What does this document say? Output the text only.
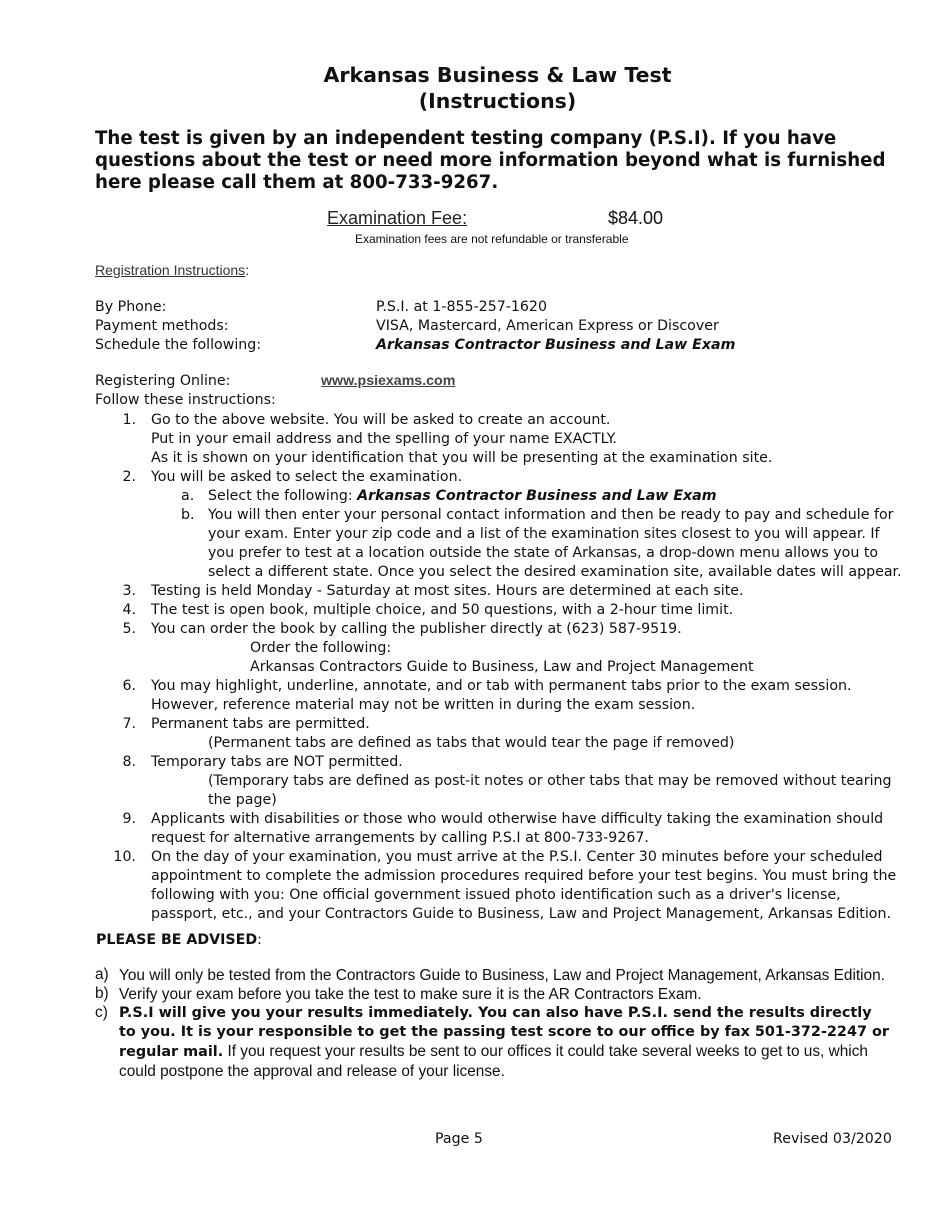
Arkansas Business & Law Test
(Instructions)
The test is given by an independent testing company (P.S.I). If you have questions about the test or need more information beyond what is furnished here please call them at 800-733-9267.
Examination Fee:	$84.00
Examination fees are not refundable or transferable
Registration Instructions:
By Phone:	P.S.I. at 1-855-257-1620
Payment methods:	VISA, Mastercard, American Express or Discover
Schedule the following:	Arkansas Contractor Business and Law Exam
Registering Online:	www.psiexams.com
Follow these instructions:
1. Go to the above website. You will be asked to create an account.
Put in your email address and the spelling of your name EXACTLY.
As it is shown on your identification that you will be presenting at the examination site.
2. You will be asked to select the examination.
a. Select the following: Arkansas Contractor Business and Law Exam
b. You will then enter your personal contact information and then be ready to pay and schedule for your exam. Enter your zip code and a list of the examination sites closest to you will appear. If you prefer to test at a location outside the state of Arkansas, a drop-down menu allows you to select a different state. Once you select the desired examination site, available dates will appear.
3. Testing is held Monday - Saturday at most sites. Hours are determined at each site.
4. The test is open book, multiple choice, and 50 questions, with a 2-hour time limit.
5. You can order the book by calling the publisher directly at (623) 587-9519.
Order the following:
Arkansas Contractors Guide to Business, Law and Project Management
6. You may highlight, underline, annotate, and or tab with permanent tabs prior to the exam session.
However, reference material may not be written in during the exam session.
7. Permanent tabs are permitted.
(Permanent tabs are defined as tabs that would tear the page if removed)
8. Temporary tabs are NOT permitted.
(Temporary tabs are defined as post-it notes or other tabs that may be removed without tearing the page)
9. Applicants with disabilities or those who would otherwise have difficulty taking the examination should request for alternative arrangements by calling P.S.I at 800-733-9267.
10. On the day of your examination, you must arrive at the P.S.I. Center 30 minutes before your scheduled appointment to complete the admission procedures required before your test begins. You must bring the following with you: One official government issued photo identification such as a driver's license, passport, etc., and your Contractors Guide to Business, Law and Project Management, Arkansas Edition.
PLEASE BE ADVISED:
a) You will only be tested from the Contractors Guide to Business, Law and Project Management, Arkansas Edition.
b) Verify your exam before you take the test to make sure it is the AR Contractors Exam.
c) P.S.I will give you your results immediately. You can also have P.S.I. send the results directly to you. It is your responsible to get the passing test score to our office by fax 501-372-2247 or regular mail. If you request your results be sent to our offices it could take several weeks to get to us, which could postpone the approval and release of your license.
Page 5	Revised 03/2020
